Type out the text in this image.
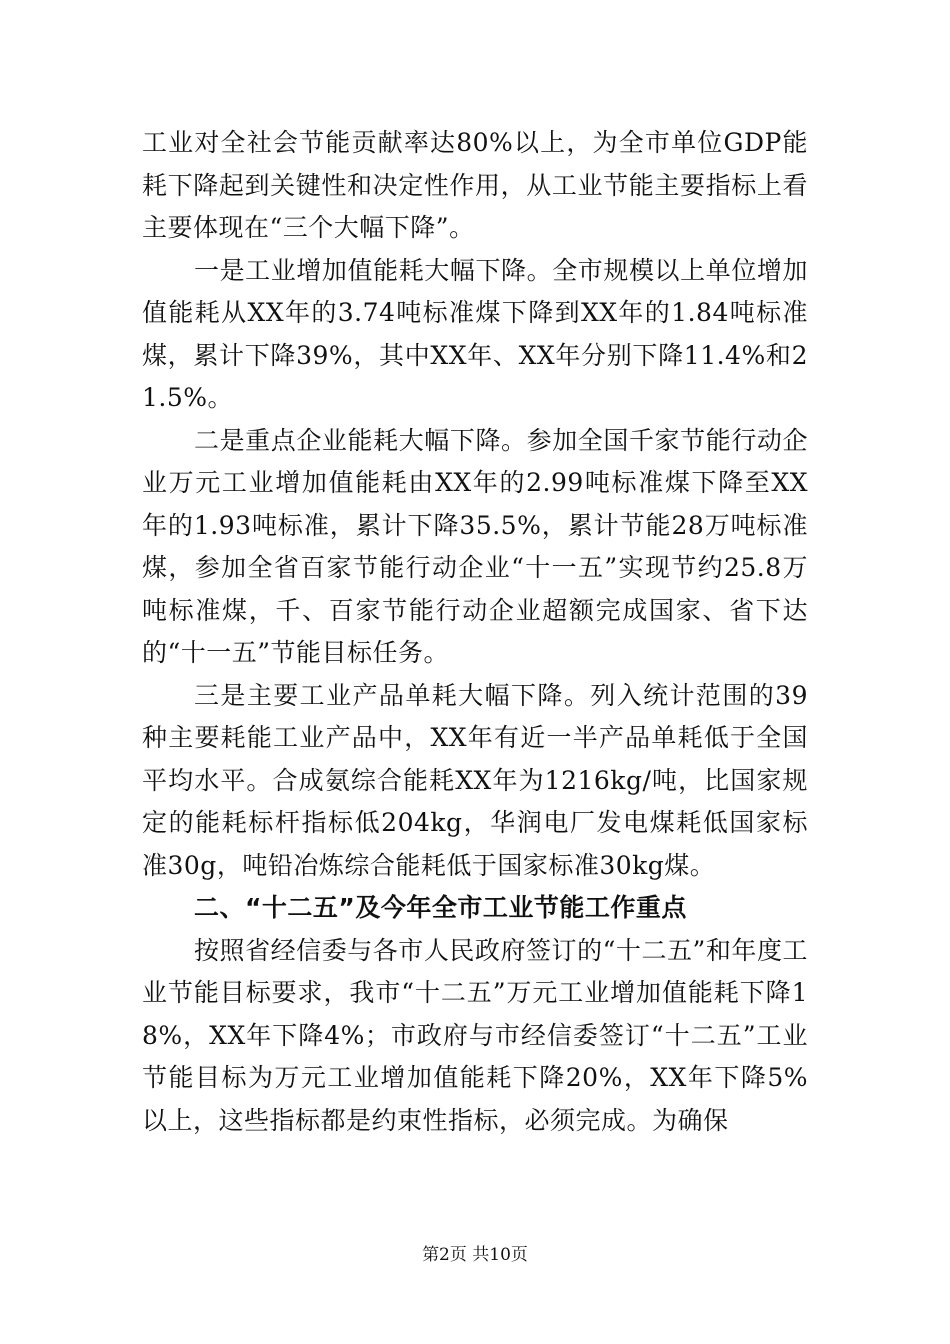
工业对全社会节能贡献率达80%以上，为全市单位GDP能耗下降起到关键性和决定性作用，从工业节能主要指标上看主要体现在“三个大幅下降”。

一是工业增加值能耗大幅下降。全市规模以上单位增加值能耗从XX年的3.74吨标准煤下降到XX年的1.84吨标准煤，累计下降39%，其中XX年、XX年分别下降11.4%和21.5%。

二是重点企业能耗大幅下降。参加全国千家节能行动企业万元工业增加值能耗由XX年的2.99吨标准煤下降至XX年的1.93吨标准，累计下降35.5%，累计节能28万吨标准煤，参加全省百家节能行动企业“十一五”实现节约25.8万吨标准煤，千、百家节能行动企业超额完成国家、省下达的“十一五”节能目标任务。

三是主要工业产品单耗大幅下降。列入统计范围的39种主要耗能工业产品中，XX年有近一半产品单耗低于全国平均水平。合成氨综合能耗XX年为1216kg/吨，比国家规定的能耗标杆指标低204kg，华润电厂发电煤耗低国家标准30g，吨铅冶炼综合能耗低于国家标准30kg煤。

二、“十二五”及今年全市工业节能工作重点

按照省经信委与各市人民政府签订的“十二五”和年度工业节能目标要求，我市“十二五”万元工业增加值能耗下降18%，XX年下降4%；市政府与市经信委签订“十二五”工业节能目标为万元工业增加值能耗下降20%，XX年下降5%以上，这些指标都是约束性指标，必须完成。为确保

第2页 共10页
